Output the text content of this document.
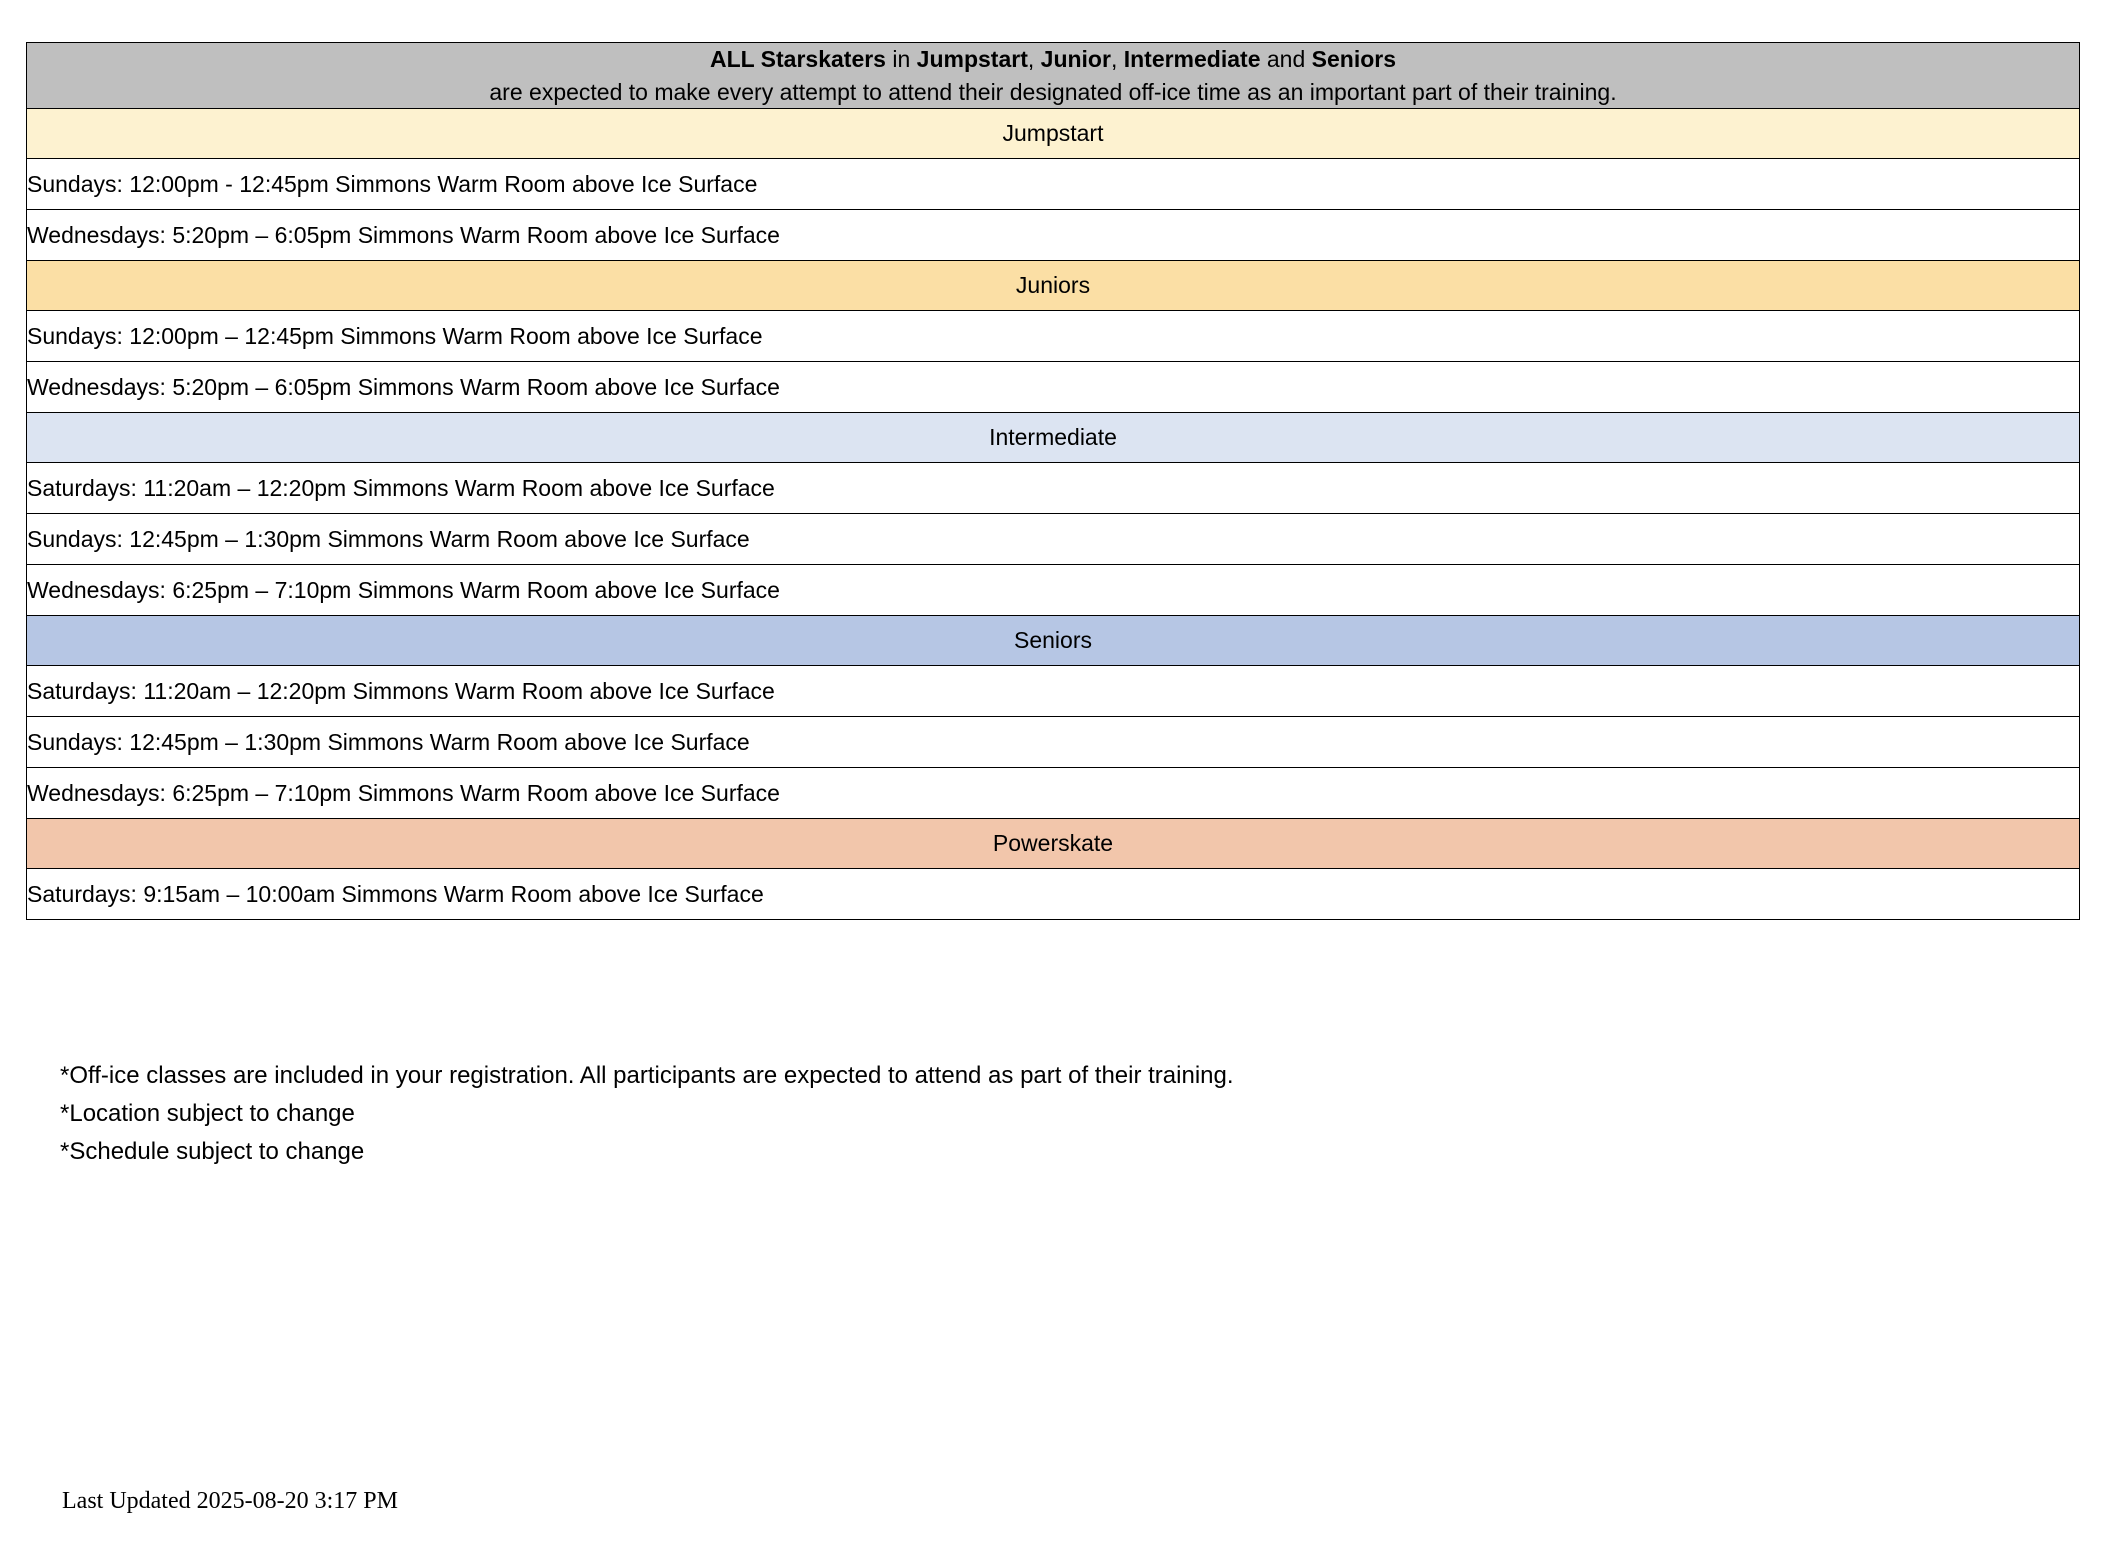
ALL Starskaters in Jumpstart, Junior, Intermediate and Seniors
are expected to make every attempt to attend their designated off-ice time as an important part of their training.

Jumpstart
Sundays: 12:00pm - 12:45pm Simmons Warm Room above Ice Surface
Wednesdays: 5:20pm – 6:05pm Simmons Warm Room above Ice Surface
Juniors
Sundays: 12:00pm – 12:45pm Simmons Warm Room above Ice Surface
Wednesdays: 5:20pm – 6:05pm Simmons Warm Room above Ice Surface
Intermediate
Saturdays: 11:20am – 12:20pm Simmons Warm Room above Ice Surface
Sundays: 12:45pm – 1:30pm Simmons Warm Room above Ice Surface
Wednesdays: 6:25pm – 7:10pm Simmons Warm Room above Ice Surface
Seniors
Saturdays: 11:20am – 12:20pm Simmons Warm Room above Ice Surface
Sundays: 12:45pm – 1:30pm Simmons Warm Room above Ice Surface
Wednesdays: 6:25pm – 7:10pm Simmons Warm Room above Ice Surface
Powerskate
Saturdays: 9:15am – 10:00am Simmons Warm Room above Ice Surface
*Off-ice classes are included in your registration. All participants are expected to attend as part of their training.
*Location subject to change
*Schedule subject to change
Last Updated 2025-08-20 3:17 PM
